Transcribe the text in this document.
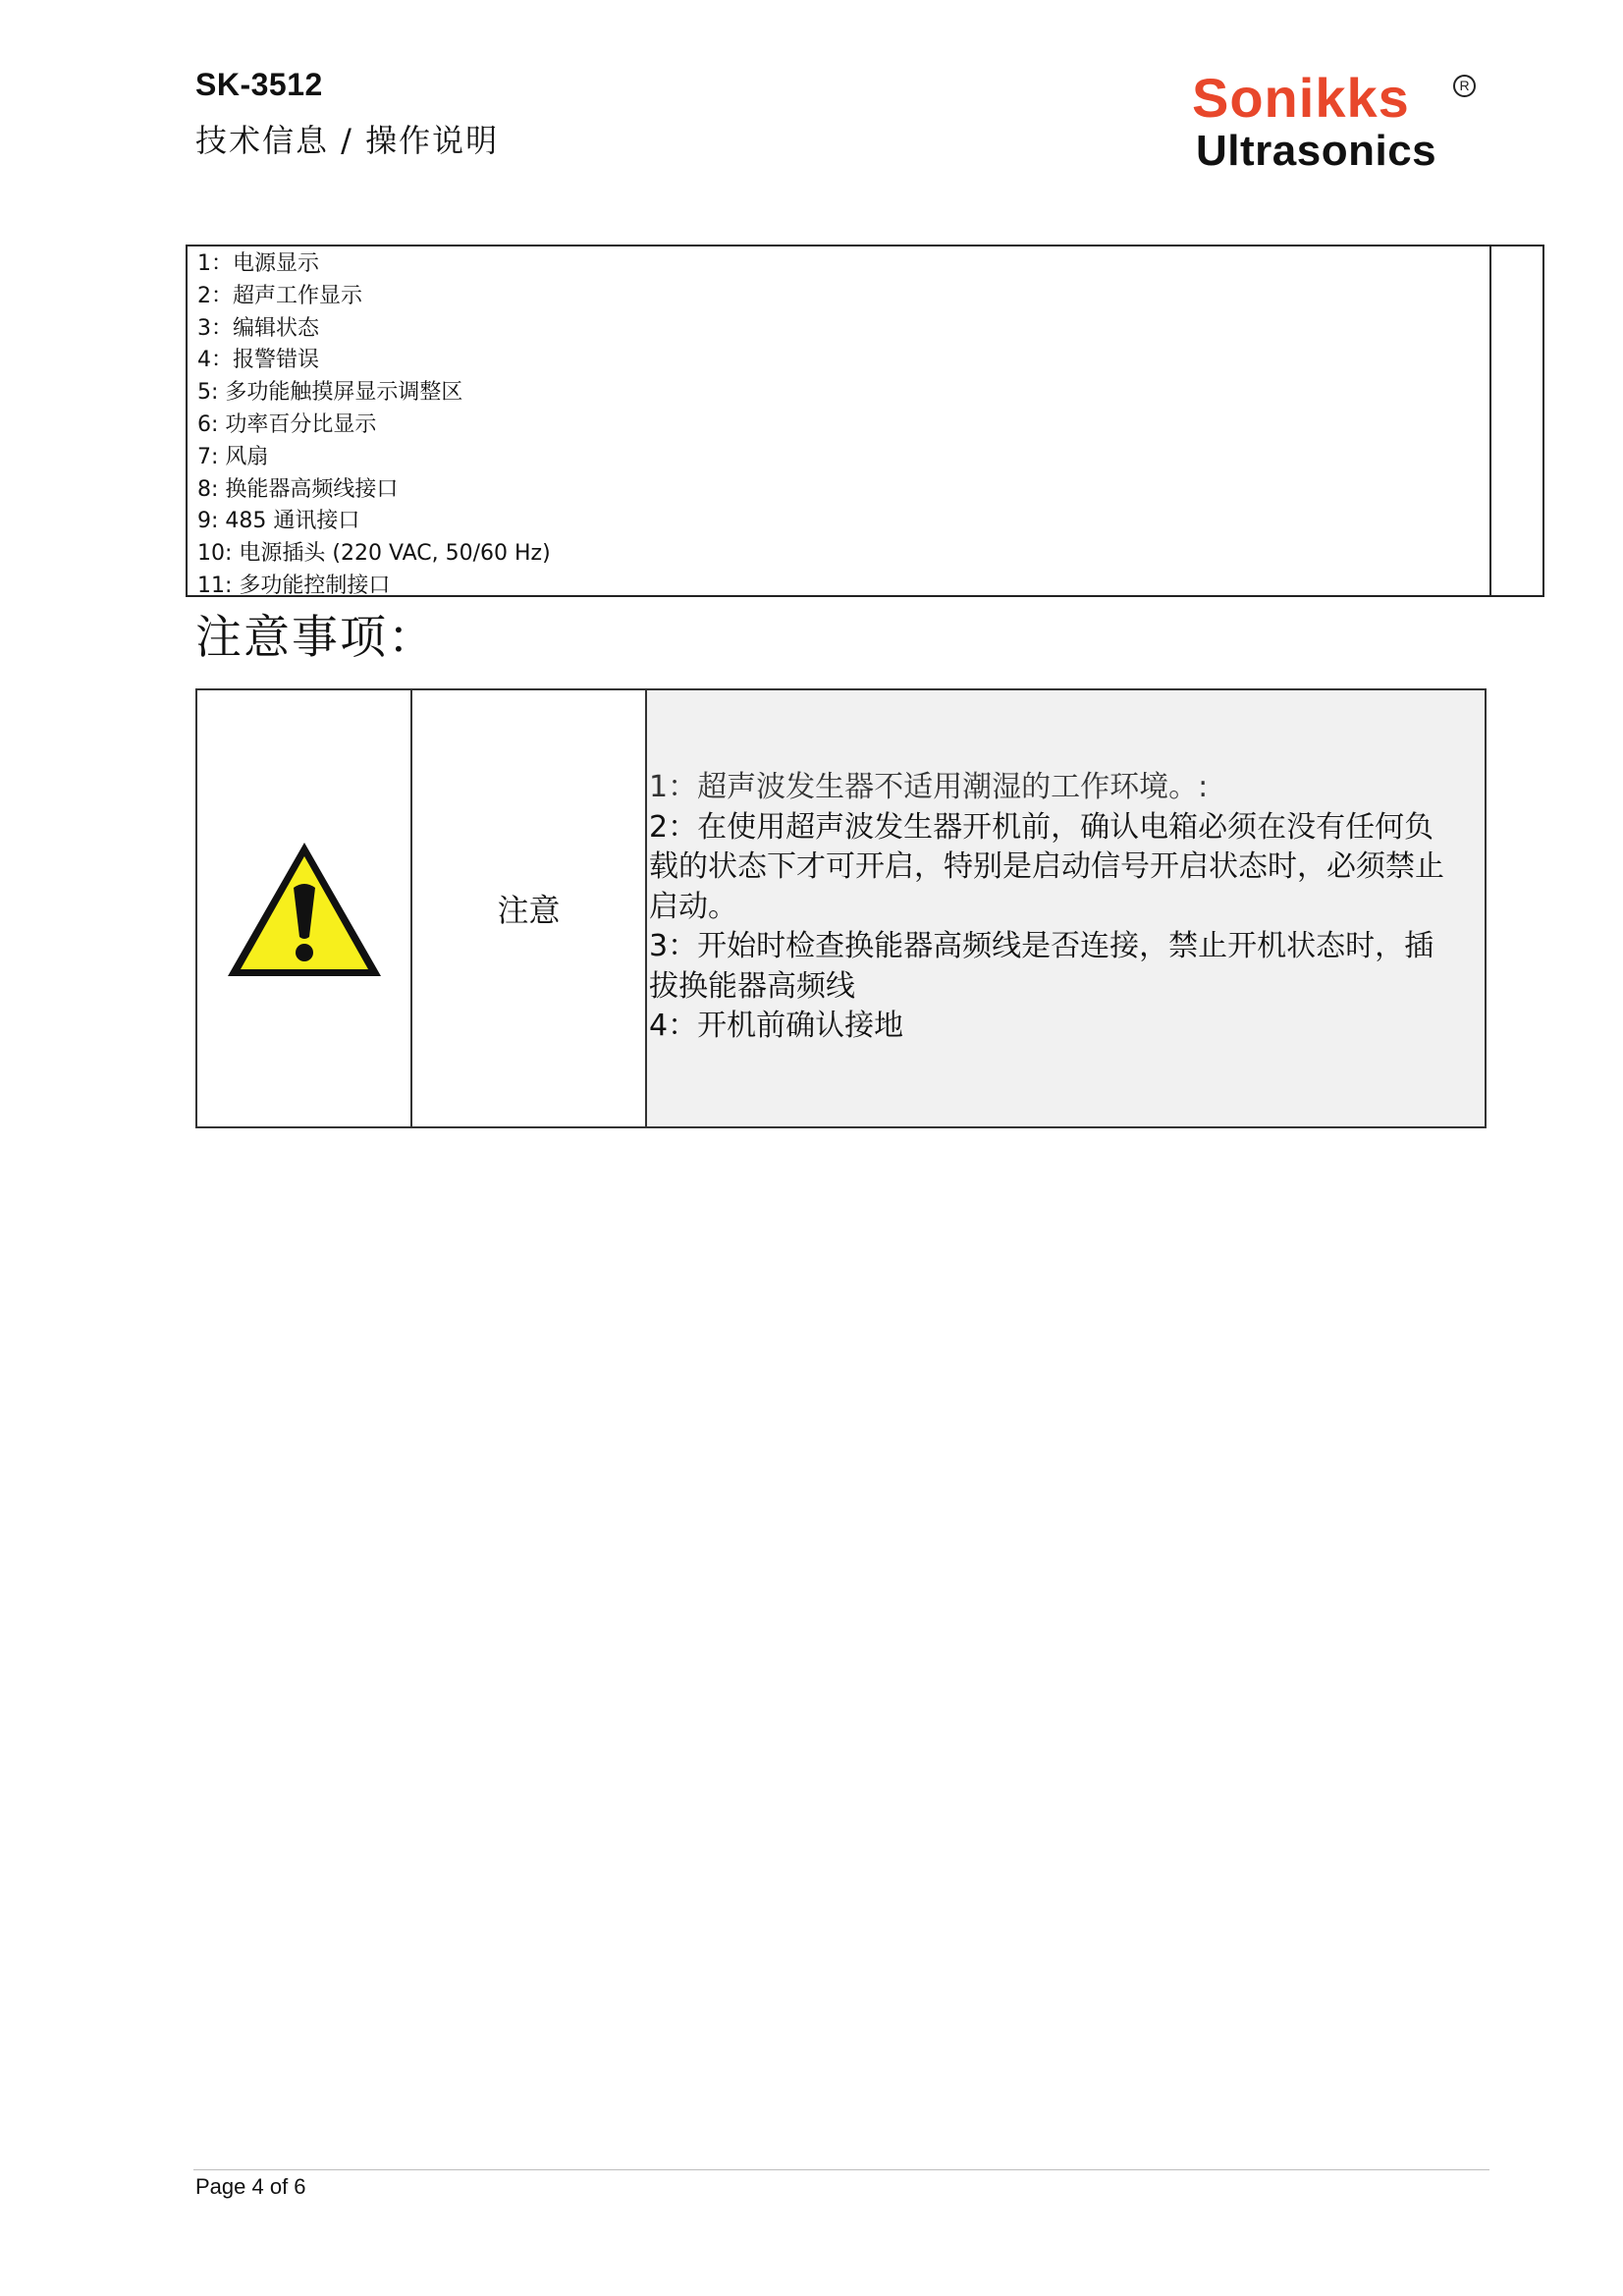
SK-3512
技术信息 / 操作说明
Sonikks	R
Ultrasonics
1：电源显示
2：超声工作显示
3：编辑状态
4：报警错误
5: 多功能触摸屏显示调整区
6: 功率百分比显示
7: 风扇
8: 换能器高频线接口
9: 485 通讯接口
10: 电源插头 (220 VAC, 50/60 Hz)
11: 多功能控制接口
注意事项：
注意
1：超声波发生器不适用潮湿的工作环境。:
2：在使用超声波发生器开机前，确认电箱必须在没有任何负
载的状态下才可开启，特别是启动信号开启状态时，必须禁止
启动。
3：开始时检查换能器高频线是否连接，禁止开机状态时，插
拔换能器高频线
4：开机前确认接地
Page 4 of 6
